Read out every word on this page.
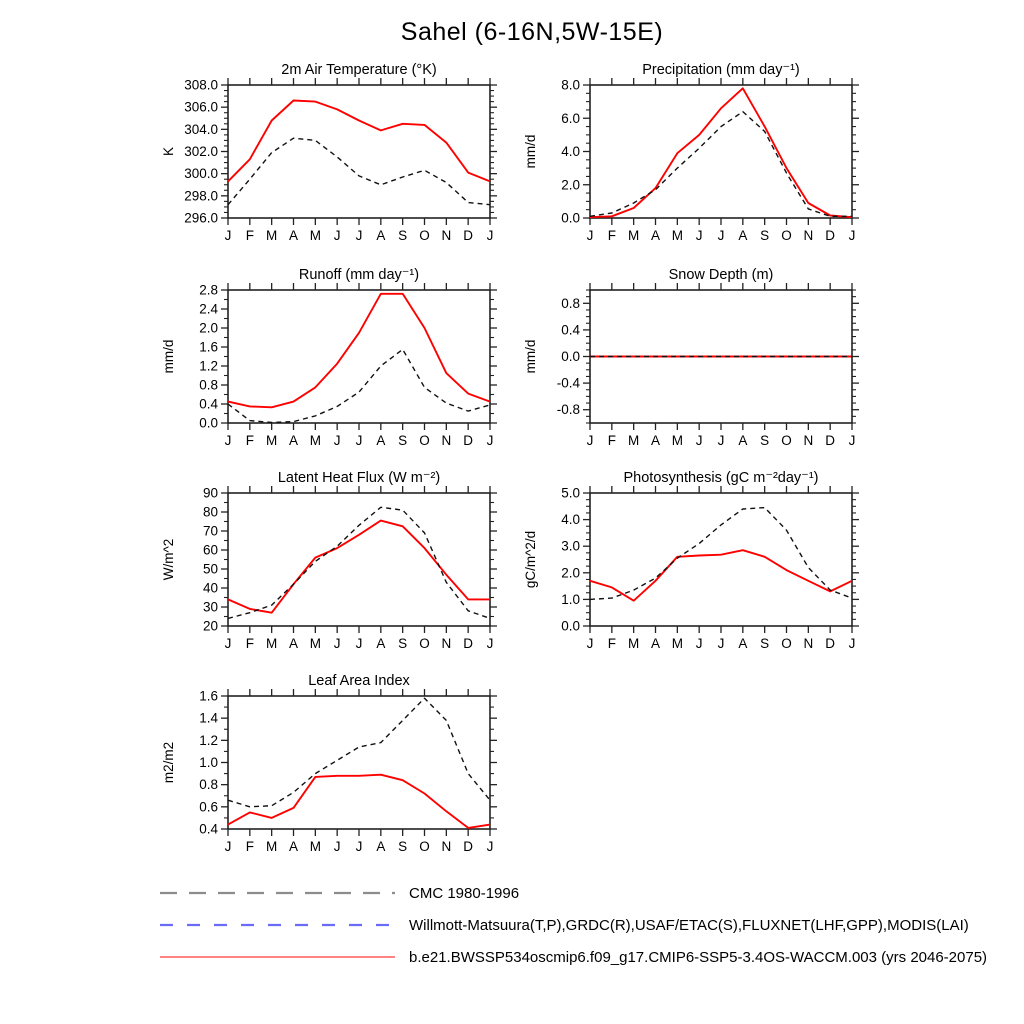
Sahel (6-16N,5W-15E)
2m Air Temperature (°K)
K
296.0
298.0
300.0
302.0
304.0
306.0
308.0
J F M A M J J A S O N D J
Precipitation (mm day⁻¹)
mm/d
0.0
2.0
4.0
6.0
8.0
J F M A M J J A S O N D J
Runoff (mm day⁻¹)
mm/d
0.0
0.4
0.8
1.2
1.6
2.0
2.4
2.8
J F M A M J J A S O N D J
Snow Depth (m)
mm/d
-0.8
-0.4
0.0
0.4
0.8
J F M A M J J A S O N D J
Latent Heat Flux (W m⁻²)
W/m^2
20
30
40
50
60
70
80
90
J F M A M J J A S O N D J
Photosynthesis (gC m⁻²day⁻¹)
gC/m^2/d
0.0
1.0
2.0
3.0
4.0
5.0
J F M A M J J A S O N D J
Leaf Area Index
m2/m2
0.4
0.6
0.8
1.0
1.2
1.4
1.6
J F M A M J J A S O N D J
CMC 1980-1996
Willmott-Matsuura(T,P),GRDC(R),USAF/ETAC(S),FLUXNET(LHF,GPP),MODIS(LAI)
b.e21.BWSSP534oscmip6.f09_g17.CMIP6-SSP5-3.4OS-WACCM.003 (yrs 2046-2075)
